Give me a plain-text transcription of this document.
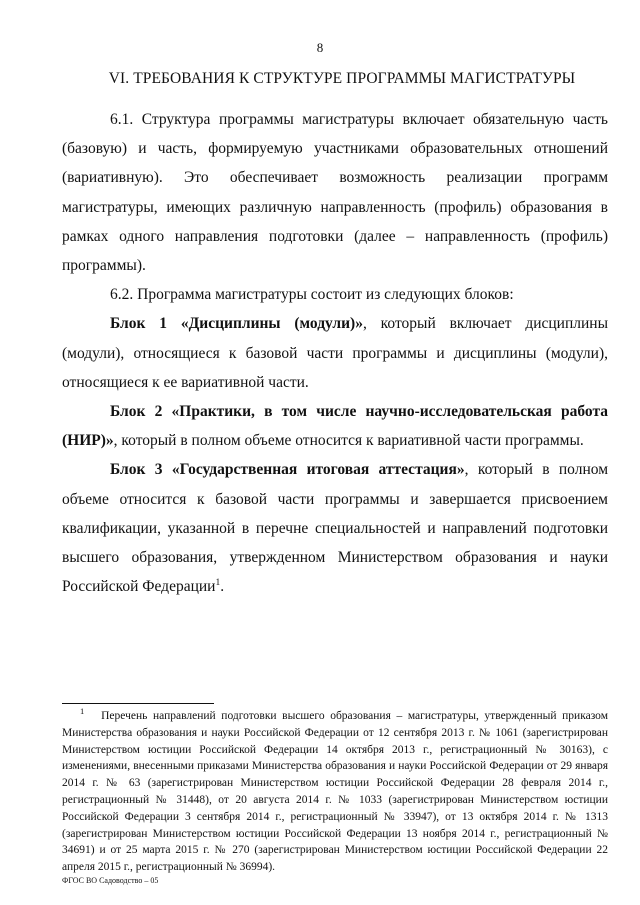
8
VI. ТРЕБОВАНИЯ К СТРУКТУРЕ ПРОГРАММЫ МАГИСТРАТУРЫ

6.1. Структура программы магистратуры включает обязательную часть (базовую) и часть, формируемую участниками образовательных отношений (вариативную). Это обеспечивает возможность реализации программ магистратуры, имеющих различную направленность (профиль) образования в рамках одного направления подготовки (далее – направленность (профиль) программы).

6.2. Программа магистратуры состоит из следующих блоков:

Блок 1 «Дисциплины (модули)», который включает дисциплины (модули), относящиеся к базовой части программы и дисциплины (модули), относящиеся к ее вариативной части.

Блок 2 «Практики, в том числе научно-исследовательская работа (НИР)», который в полном объеме относится к вариативной части программы.

Блок 3 «Государственная итоговая аттестация», который в полном объеме относится к базовой части программы и завершается присвоением квалификации, указанной в перечне специальностей и направлений подготовки высшего образования, утвержденном Министерством образования и науки Российской Федерации$^1$.

$^1$ Перечень направлений подготовки высшего образования – магистратуры, утвержденный приказом Министерства образования и науки Российской Федерации от 12 сентября 2013 г. № 1061 (зарегистрирован Министерством юстиции Российской Федерации 14 октября 2013 г., регистрационный № 30163), с изменениями, внесенными приказами Министерства образования и науки Российской Федерации от 29 января 2014 г. № 63 (зарегистрирован Министерством юстиции Российской Федерации 28 февраля 2014 г., регистрационный № 31448), от 20 августа 2014 г. № 1033 (зарегистрирован Министерством юстиции Российской Федерации 3 сентября 2014 г., регистрационный № 33947), от 13 октября 2014 г. № 1313 (зарегистрирован Министерством юстиции Российской Федерации 13 ноября 2014 г., регистрационный № 34691) и от 25 марта 2015 г. № 270 (зарегистрирован Министерством юстиции Российской Федерации 22 апреля 2015 г., регистрационный № 36994).
ФГОС ВО Садоводство – 05
